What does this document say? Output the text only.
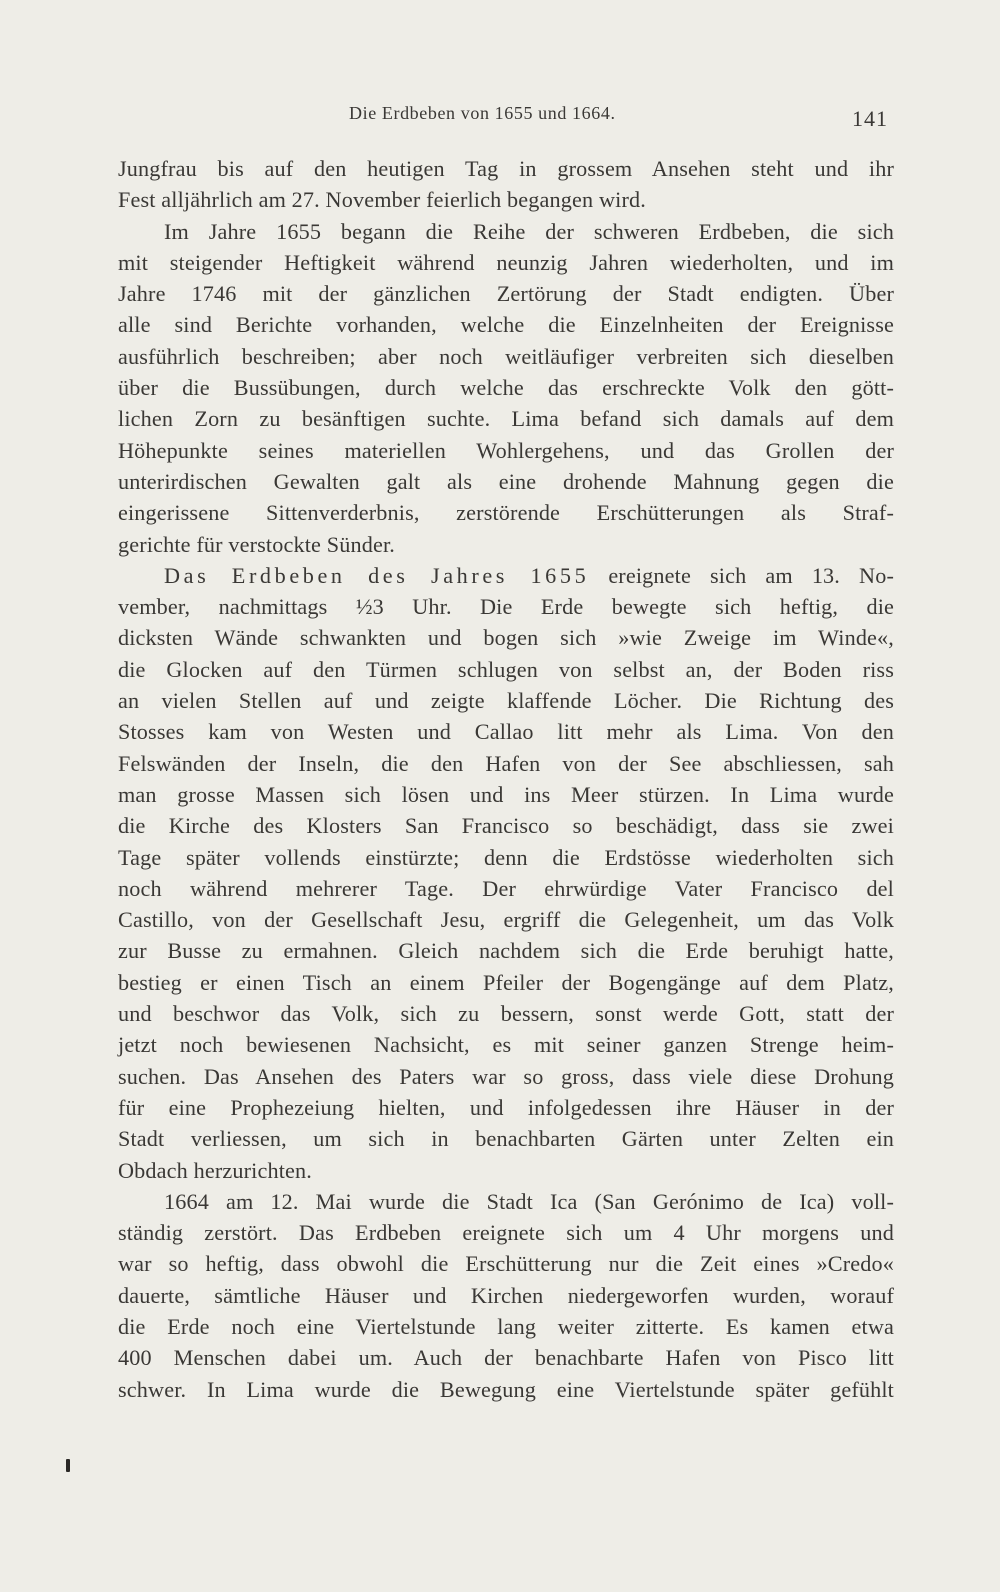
Die Erdbeben von 1655 und 1664.	141
Jungfrau bis auf den heutigen Tag in grossem Ansehen steht und ihr
Fest alljährlich am 27. November feierlich begangen wird.
Im Jahre 1655 begann die Reihe der schweren Erdbeben, die sich
mit steigender Heftigkeit während neunzig Jahren wiederholten, und im
Jahre 1746 mit der gänzlichen Zertörung der Stadt endigten. Über
alle sind Berichte vorhanden, welche die Einzelnheiten der Ereignisse
ausführlich beschreiben; aber noch weitläufiger verbreiten sich dieselben
über die Bussübungen, durch welche das erschreckte Volk den gött-
lichen Zorn zu besänftigen suchte. Lima befand sich damals auf dem
Höhepunkte seines materiellen Wohlergehens, und das Grollen der
unterirdischen Gewalten galt als eine drohende Mahnung gegen die
eingerissene Sittenverderbnis, zerstörende Erschütterungen als Straf-
gerichte für verstockte Sünder.
Das Erdbeben des Jahres 1655 ereignete sich am 13. No-
vember, nachmittags ½3 Uhr. Die Erde bewegte sich heftig, die
dicksten Wände schwankten und bogen sich »wie Zweige im Winde«,
die Glocken auf den Türmen schlugen von selbst an, der Boden riss
an vielen Stellen auf und zeigte klaffende Löcher. Die Richtung des
Stosses kam von Westen und Callao litt mehr als Lima. Von den
Felswänden der Inseln, die den Hafen von der See abschliessen, sah
man grosse Massen sich lösen und ins Meer stürzen. In Lima wurde
die Kirche des Klosters San Francisco so beschädigt, dass sie zwei
Tage später vollends einstürzte; denn die Erdstösse wiederholten sich
noch während mehrerer Tage. Der ehrwürdige Vater Francisco del
Castillo, von der Gesellschaft Jesu, ergriff die Gelegenheit, um das Volk
zur Busse zu ermahnen. Gleich nachdem sich die Erde beruhigt hatte,
bestieg er einen Tisch an einem Pfeiler der Bogengänge auf dem Platz,
und beschwor das Volk, sich zu bessern, sonst werde Gott, statt der
jetzt noch bewiesenen Nachsicht, es mit seiner ganzen Strenge heim-
suchen. Das Ansehen des Paters war so gross, dass viele diese Drohung
für eine Prophezeiung hielten, und infolgedessen ihre Häuser in der
Stadt verliessen, um sich in benachbarten Gärten unter Zelten ein
Obdach herzurichten.
1664 am 12. Mai wurde die Stadt Ica (San Gerónimo de Ica) voll-
ständig zerstört. Das Erdbeben ereignete sich um 4 Uhr morgens und
war so heftig, dass obwohl die Erschütterung nur die Zeit eines »Credo«
dauerte, sämtliche Häuser und Kirchen niedergeworfen wurden, worauf
die Erde noch eine Viertelstunde lang weiter zitterte. Es kamen etwa
400 Menschen dabei um. Auch der benachbarte Hafen von Pisco litt
schwer. In Lima wurde die Bewegung eine Viertelstunde später gefühlt
